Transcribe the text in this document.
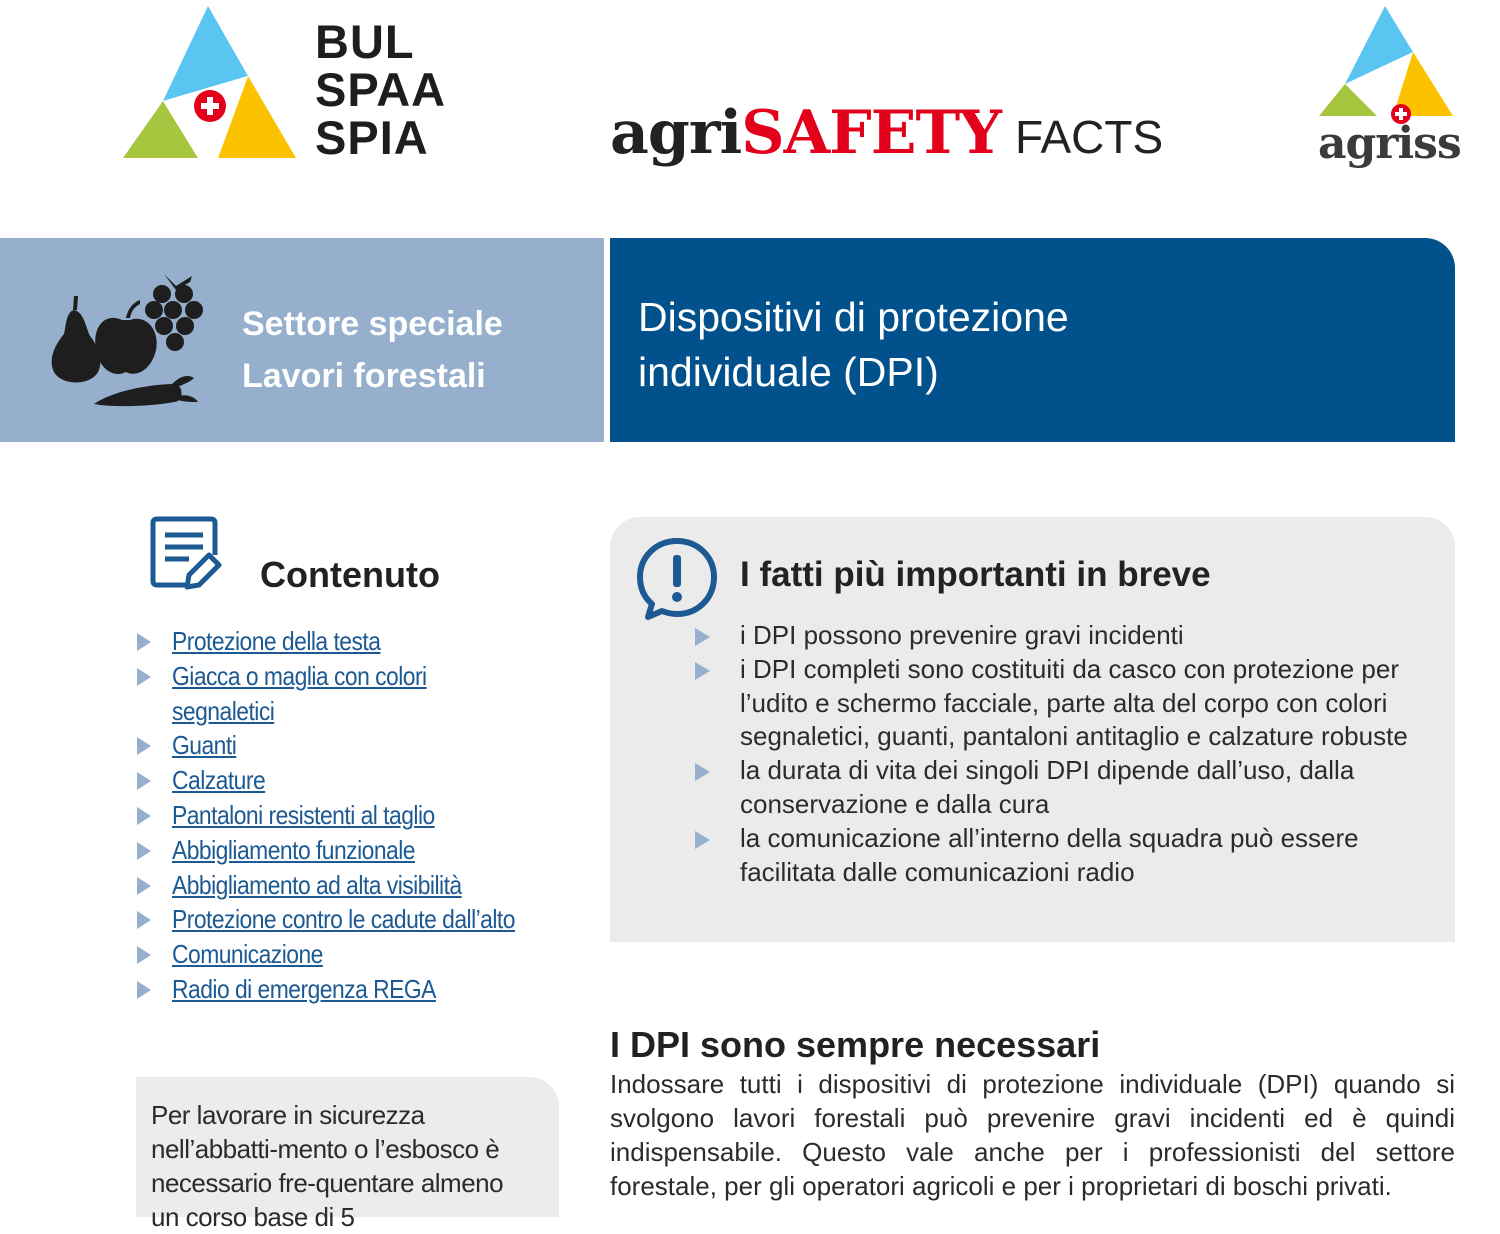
BUL
SPAA
SPIA	agriSAFETY FACTS	agriss
Settore speciale
Lavori forestali
Dispositivi di protezione
individuale (DPI)
Contenuto
Protezione della testa
Giacca o maglia con colori segnaletici
Guanti
Calzature
Pantaloni resistenti al taglio
Abbigliamento funzionale
Abbigliamento ad alta visibilità
Protezione contro le cadute dall’alto
Comunicazione
Radio di emergenza REGA
Per lavorare in sicurezza nell’abbatti-mento o l’esbosco è necessario fre-quentare almeno un corso base di 5
I fatti più importanti in breve
i DPI possono prevenire gravi incidenti
i DPI completi sono costituiti da casco con protezione per l’udito e schermo facciale, parte alta del corpo con colori segnaletici, guanti, pantaloni antitaglio e calzature robuste
la durata di vita dei singoli DPI dipende dall’uso, dalla conservazione e dalla cura
la comunicazione all’interno della squadra può essere facilitata dalle comunicazioni radio
I DPI sono sempre necessari
Indossare tutti i dispositivi di protezione individuale (DPI) quando si svolgono lavori forestali può prevenire gravi incidenti ed è quindi indispensabile. Questo vale anche per i professionisti del settore forestale, per gli operatori agricoli e per i proprietari di boschi privati.
